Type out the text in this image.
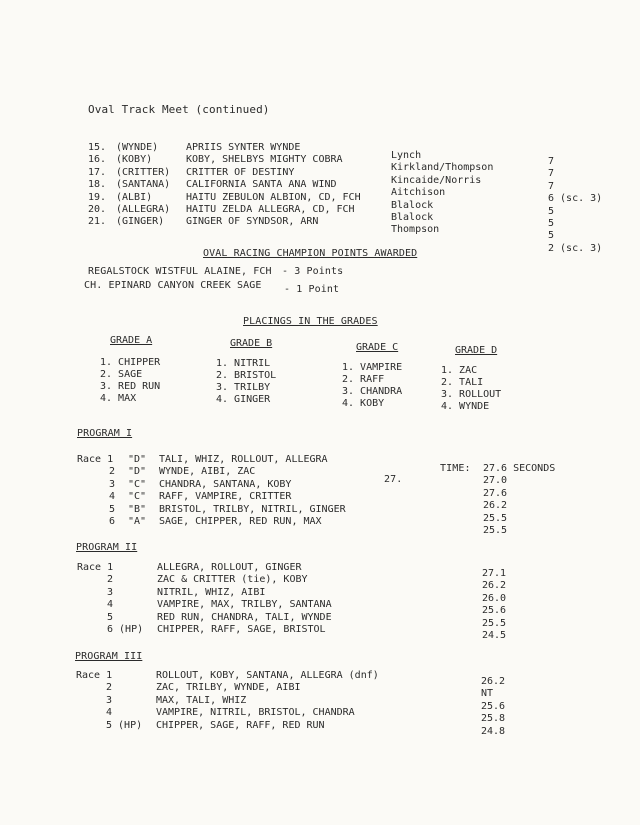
Oval Track Meet (continued)
15.
16.
17.
18.
19.
20.
21.
(WYNDE)
(KOBY)
(CRITTER)
(SANTANA)
(ALBI)
(ALLEGRA)
(GINGER)
APRIIS SYNTER WYNDE
KOBY, SHELBYS MIGHTY COBRA
CRITTER OF DESTINY
CALIFORNIA SANTA ANA WIND
HAITU ZEBULON ALBION, CD, FCH
HAITU ZELDA ALLEGRA, CD, FCH
GINGER OF SYNDSOR, ARN
Lynch
Kirkland/Thompson
Kincaide/Norris
Aitchison
Blalock
Blalock
Thompson
7
7
7
6 (sc. 3)
5
5
5
2 (sc. 3)
OVAL RACING CHAMPION POINTS AWARDED
REGALSTOCK WISTFUL ALAINE, FCH - 3 Points
CH. EPINARD CANYON CREEK SAGE - 1 Point
PLACINGS IN THE GRADES
GRADE A
1. CHIPPER
2. SAGE
3. RED RUN
4. MAX
GRADE B
1. NITRIL
2. BRISTOL
3. TRILBY
4. GINGER
GRADE C
1. VAMPIRE
2. RAFF
3. CHANDRA
4. KOBY
GRADE D
1. ZAC
2. TALI
3. ROLLOUT
4. WYNDE
PROGRAM I
Race 1
2
3
4
5
6
"D"
"D"
"C"
"C"
"B"
"A"
TALI, WHIZ, ROLLOUT, ALLEGRA
WYNDE, AIBI, ZAC
CHANDRA, SANTANA, KOBY
RAFF, VAMPIRE, CRITTER
BRISTOL, TRILBY, NITRIL, GINGER
SAGE, CHIPPER, RED RUN, MAX
27.
TIME: 27.6 SECONDS
27.0
27.6
26.2
25.5
25.5
PROGRAM II
Race 1
2
3
4
5
6 (HP)
ALLEGRA, ROLLOUT, GINGER
ZAC & CRITTER (tie), KOBY
NITRIL, WHIZ, AIBI
VAMPIRE, MAX, TRILBY, SANTANA
RED RUN, CHANDRA, TALI, WYNDE
CHIPPER, RAFF, SAGE, BRISTOL
27.1
26.2
26.0
25.6
25.5
24.5
PROGRAM III
Race 1
2
3
4
5 (HP)
ROLLOUT, KOBY, SANTANA, ALLEGRA (dnf)
ZAC, TRILBY, WYNDE, AIBI
MAX, TALI, WHIZ
VAMPIRE, NITRIL, BRISTOL, CHANDRA
CHIPPER, SAGE, RAFF, RED RUN
26.2
NT
25.6
25.8
24.8
